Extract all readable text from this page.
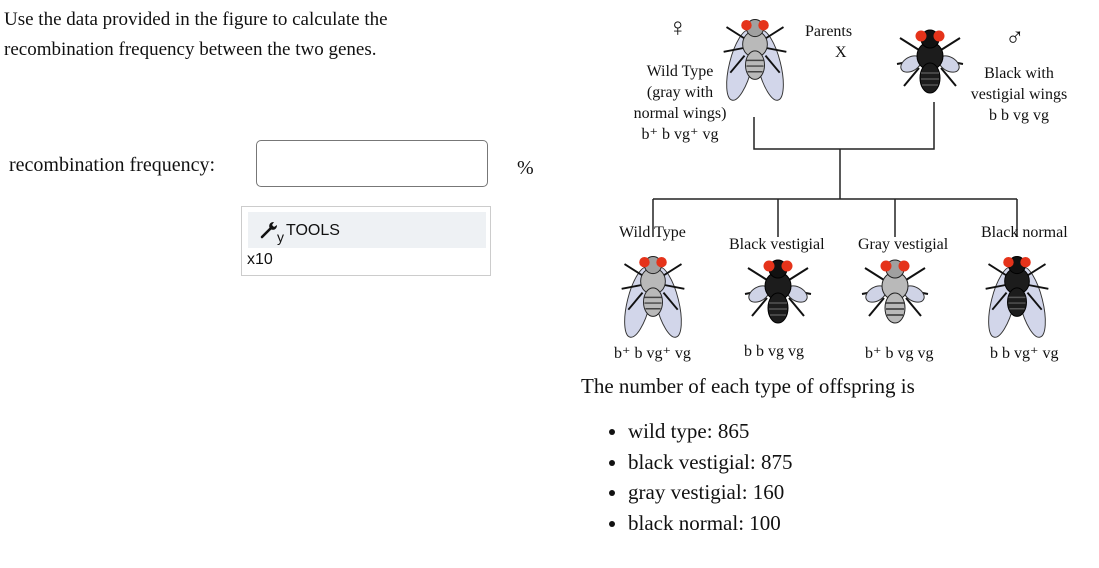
Use the data provided in the figure to calculate the recombination frequency between the two genes.
recombination frequency:	%
y TOOLS
x10
♀	Parents
X
♂
Wild Type
(gray with
normal wings)
b⁺ b vg⁺ vg
Black with
vestigial wings
b b vg vg
Wild Type
Black vestigial Gray vestigial
Black normal
b⁺ b vg⁺ vg	b b vg vg	b⁺ b vg vg	b b vg⁺ vg
The number of each type of offspring is
• wild type: 865
• black vestigial: 875
• gray vestigial: 160
• black normal: 100
